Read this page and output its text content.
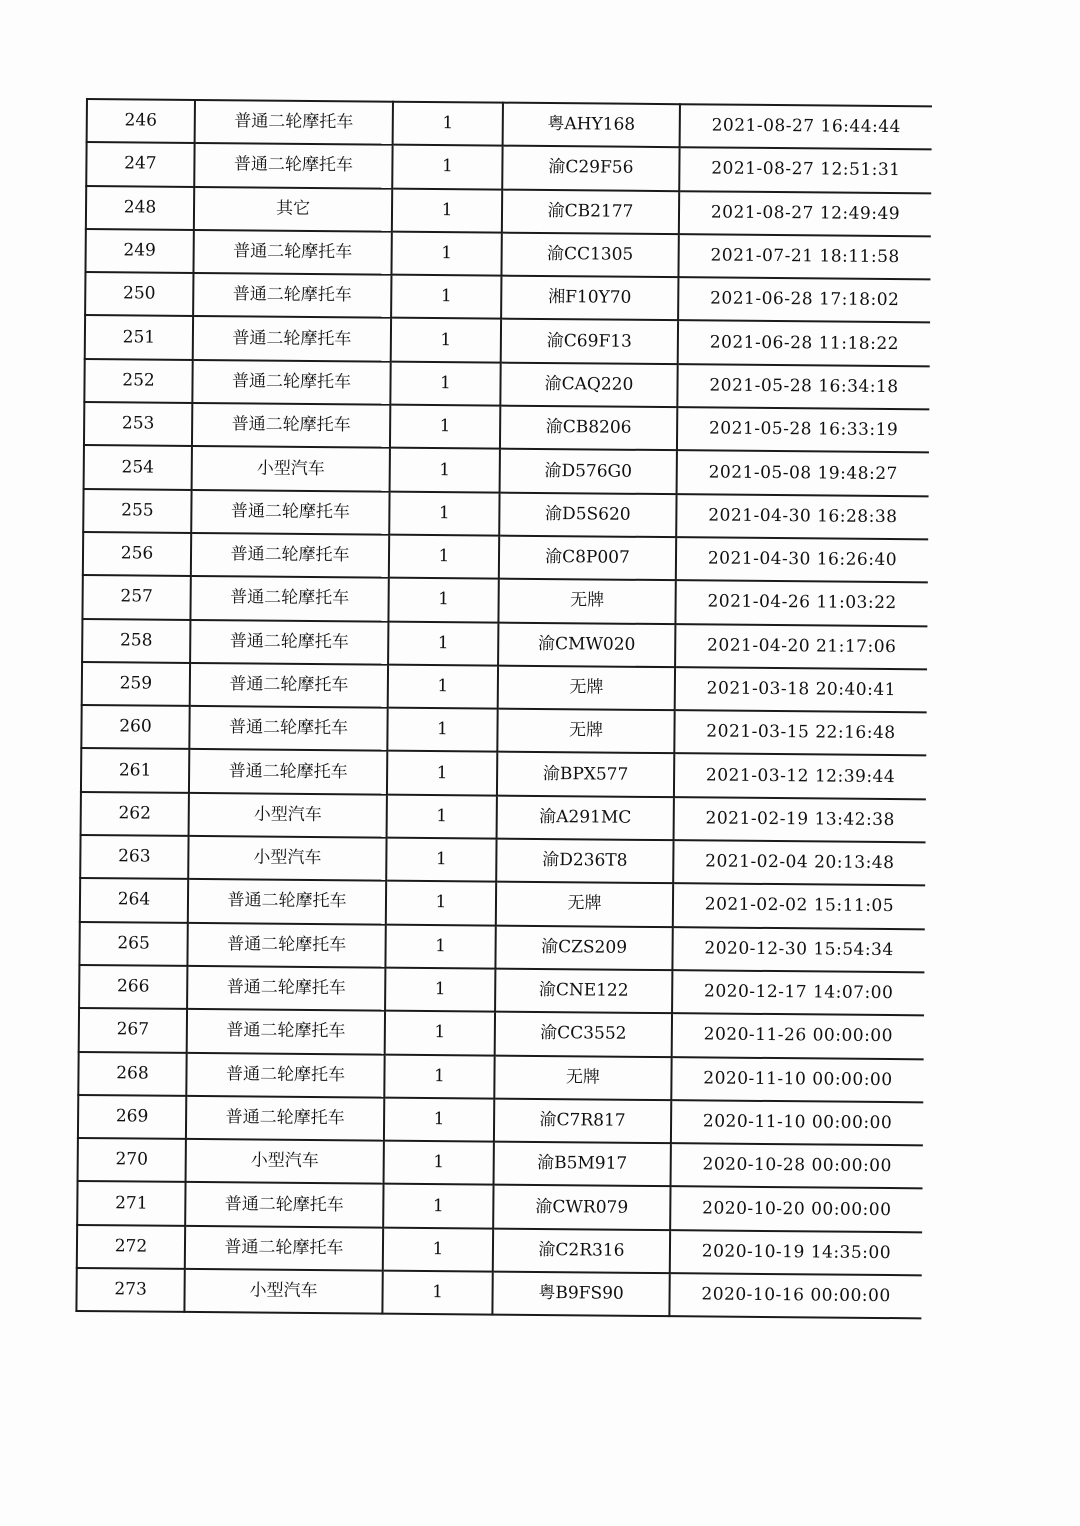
246	普通二轮摩托车	1	粤AHY168	2021-08-27 16:44:44
247	普通二轮摩托车	1	渝C29F56	2021-08-27 12:51:31
248	其它	1	渝CB2177	2021-08-27 12:49:49
249	普通二轮摩托车	1	渝CC1305	2021-07-21 18:11:58
250	普通二轮摩托车	1	湘F10Y70	2021-06-28 17:18:02
251	普通二轮摩托车	1	渝C69F13	2021-06-28 11:18:22
252	普通二轮摩托车	1	渝CAQ220	2021-05-28 16:34:18
253	普通二轮摩托车	1	渝CB8206	2021-05-28 16:33:19
254	小型汽车	1	渝D576G0	2021-05-08 19:48:27
255	普通二轮摩托车	1	渝D5S620	2021-04-30 16:28:38
256	普通二轮摩托车	1	渝C8P007	2021-04-30 16:26:40
257	普通二轮摩托车	1	无牌	2021-04-26 11:03:22
258	普通二轮摩托车	1	渝CMW020	2021-04-20 21:17:06
259	普通二轮摩托车	1	无牌	2021-03-18 20:40:41
260	普通二轮摩托车	1	无牌	2021-03-15 22:16:48
261	普通二轮摩托车	1	渝BPX577	2021-03-12 12:39:44
262	小型汽车	1	渝A291MC	2021-02-19 13:42:38
263	小型汽车	1	渝D236T8	2021-02-04 20:13:48
264	普通二轮摩托车	1	无牌	2021-02-02 15:11:05
265	普通二轮摩托车	1	渝CZS209	2020-12-30 15:54:34
266	普通二轮摩托车	1	渝CNE122	2020-12-17 14:07:00
267	普通二轮摩托车	1	渝CC3552	2020-11-26 00:00:00
268	普通二轮摩托车	1	无牌	2020-11-10 00:00:00
269	普通二轮摩托车	1	渝C7R817	2020-11-10 00:00:00
270	小型汽车	1	渝B5M917	2020-10-28 00:00:00
271	普通二轮摩托车	1	渝CWR079	2020-10-20 00:00:00
272	普通二轮摩托车	1	渝C2R316	2020-10-19 14:35:00
273	小型汽车	1	粤B9FS90	2020-10-16 00:00:00
